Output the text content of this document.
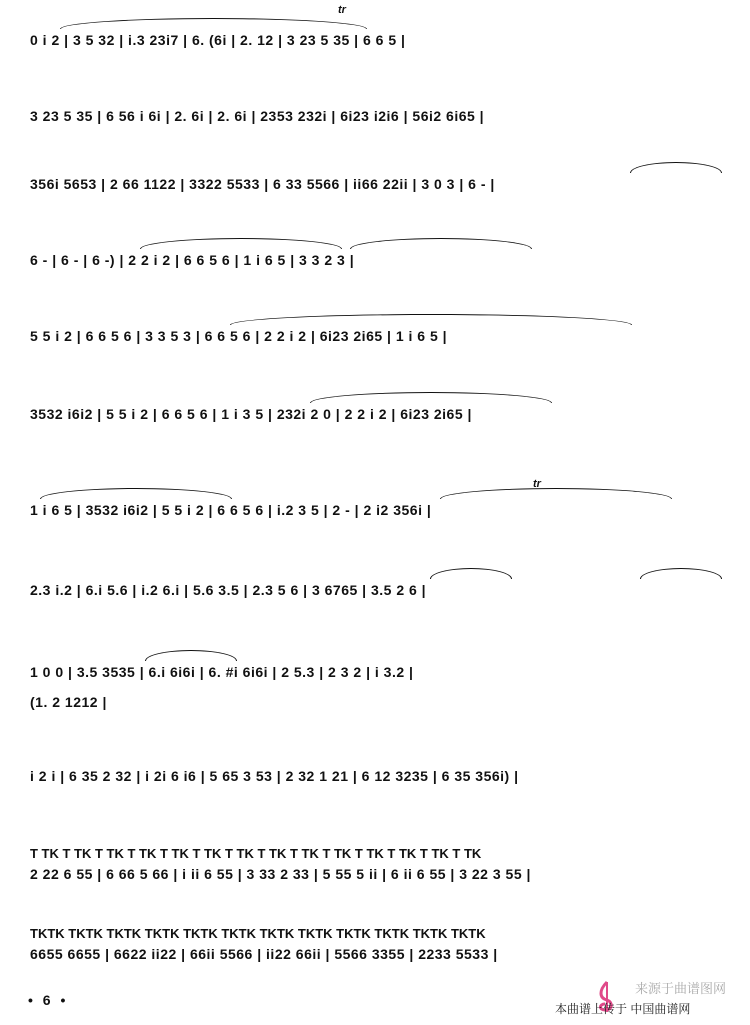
0 i 2 | 3 5 32 | i.3 23i7 | 6. (6i | 2. 12 | 3 23 5 35 | 6 6 5 |
tr
3 23 5 35 | 6 56 i 6i | 2. 6i | 2. 6i | 2353 232i | 6i23 i2i6 | 56i2 6i65 |
356i 5653 | 2 66 1122 | 3322 5533 | 6 33 5566 | ii66 22ii | 3 0 3 | 6 - |
6 - | 6 - | 6 -) | 2 2 i 2 | 6 6 5 6 | 1 i 6 5 | 3 3 2 3 |
5 5 i 2 | 6 6 5 6 | 3 3 5 3 | 6 6 5 6 | 2 2 i 2 | 6i23 2i65 | 1 i 6 5 |
3532 i6i2 | 5 5 i 2 | 6 6 5 6 | 1 i 3 5 | 232i 2 0 | 2 2 i 2 | 6i23 2i65 |
1 i 6 5 | 3532 i6i2 | 5 5 i 2 | 6 6 5 6 | i.2 3 5 | 2 - | 2 i2 356i |
tr
2.3 i.2 | 6.i 5.6 | i.2 6.i | 5.6 3.5 | 2.3 5 6 | 3 6765 | 3.5 2 6 |
1 0 0 | 3.5 3535 | 6.i 6i6i | 6. #i 6i6i | 2 5.3 | 2 3 2 | i 3.2 |
(1. 2 1212 |
i 2 i | 6 35 2 32 | i 2i 6 i6 | 5 65 3 53 | 2 32 1 21 | 6 12 3235 | 6 35 356i) |
T TK T TK T TK T TK T TK T TK T TK T TK T TK T TK T TK T TK T TK T TK
2 22 6 55 | 6 66 5 66 | i ii 6 55 | 3 33 2 33 | 5 55 5 ii | 6 ii 6 55 | 3 22 3 55 |
TKTK TKTK TKTK TKTK TKTK TKTK TKTK TKTK TKTK TKTK TKTK TKTK
6655 6655 | 6622 ii22 | 66ii 5566 | ii22 66ii | 5566 3355 | 2233 5533 |
• 6 •
来源于曲谱图网
本曲谱上传于 中国曲谱网
